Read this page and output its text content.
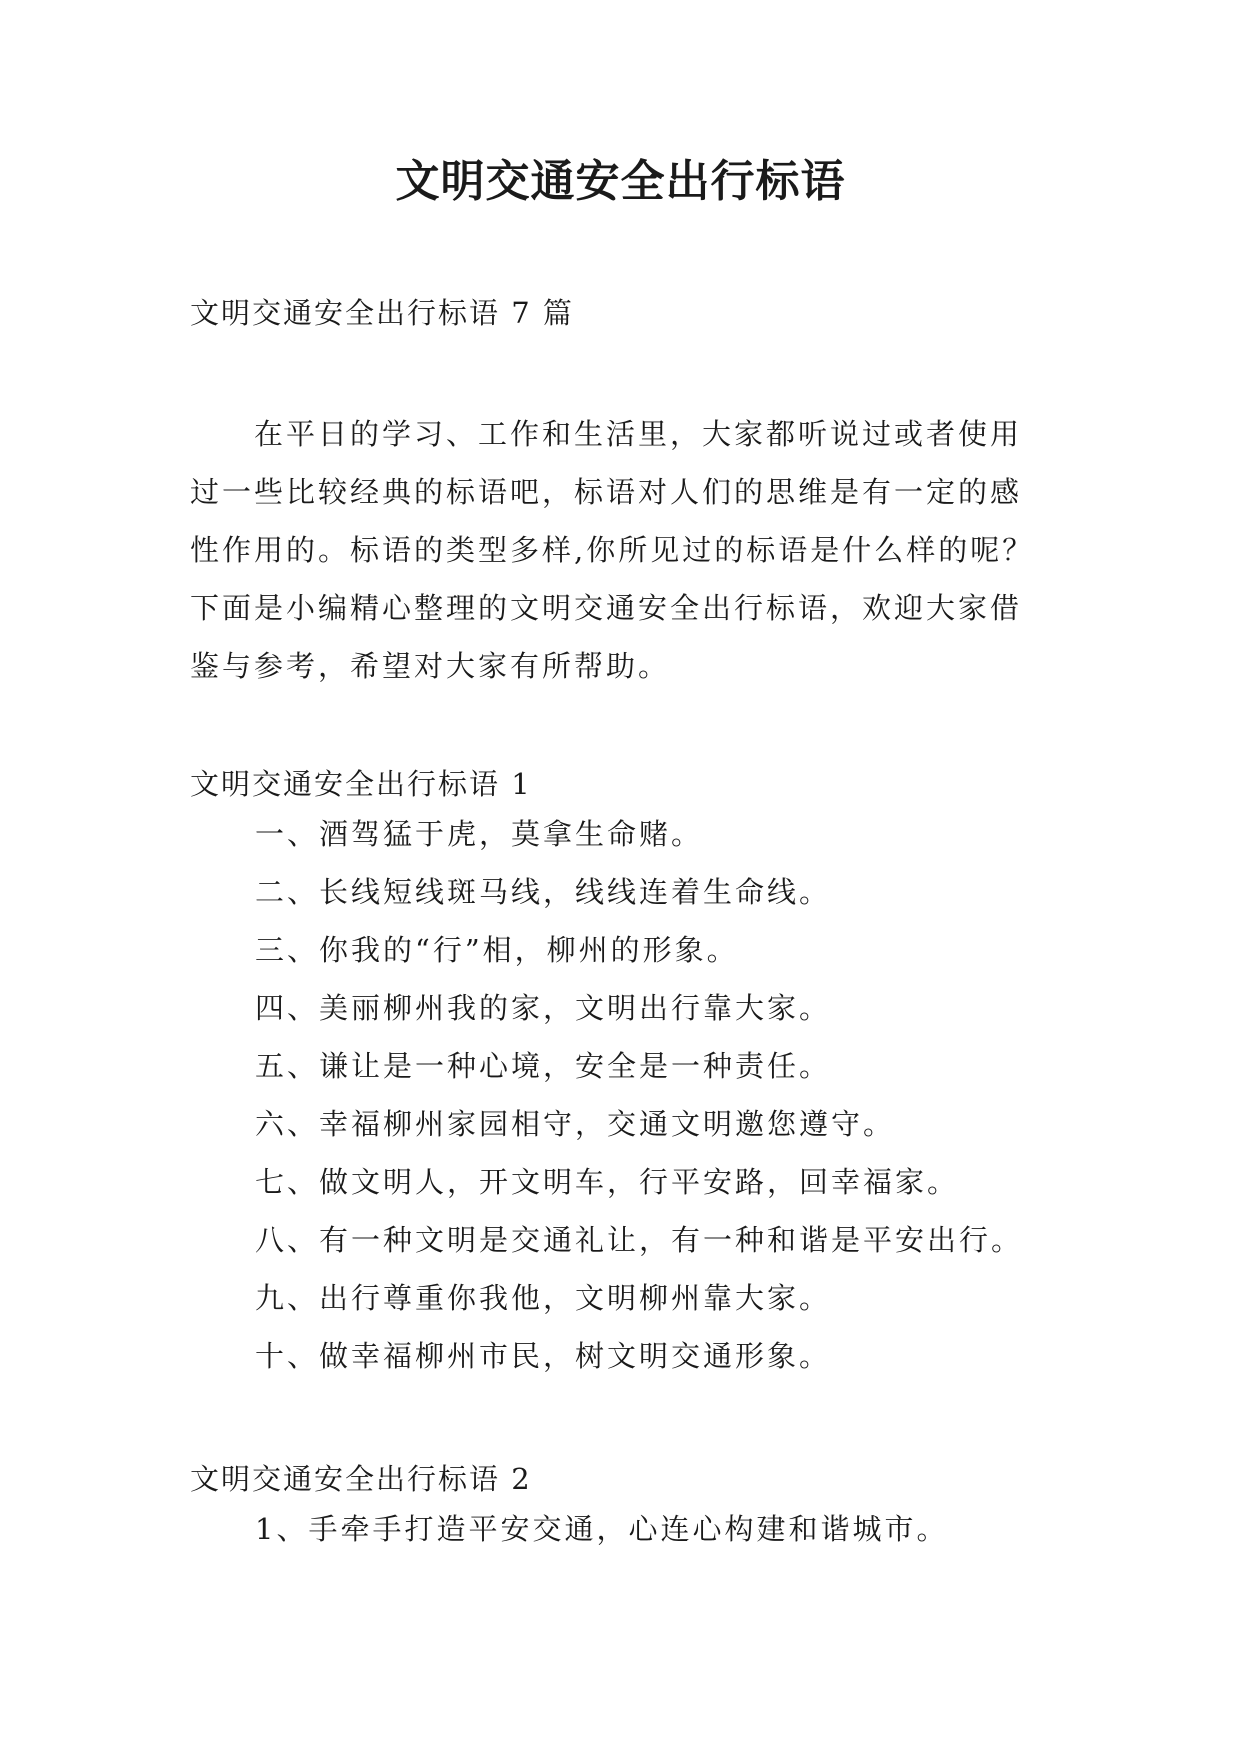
文明交通安全出行标语
文明交通安全出行标语 7 篇
在平日的学习、工作和生活里，大家都听说过或者使用
过一些比较经典的标语吧，标语对人们的思维是有一定的感
性作用的。标语的类型多样,你所见过的标语是什么样的呢？
下面是小编精心整理的文明交通安全出行标语，欢迎大家借
鉴与参考，希望对大家有所帮助。
文明交通安全出行标语 1
一、酒驾猛于虎，莫拿生命赌。
二、长线短线斑马线，线线连着生命线。
三、你我的“行”相，柳州的形象。
四、美丽柳州我的家，文明出行靠大家。
五、谦让是一种心境，安全是一种责任。
六、幸福柳州家园相守，交通文明邀您遵守。
七、做文明人，开文明车，行平安路，回幸福家。
八、有一种文明是交通礼让，有一种和谐是平安出行。
九、出行尊重你我他，文明柳州靠大家。
十、做幸福柳州市民，树文明交通形象。
文明交通安全出行标语 2
1、手牵手打造平安交通，心连心构建和谐城市。
